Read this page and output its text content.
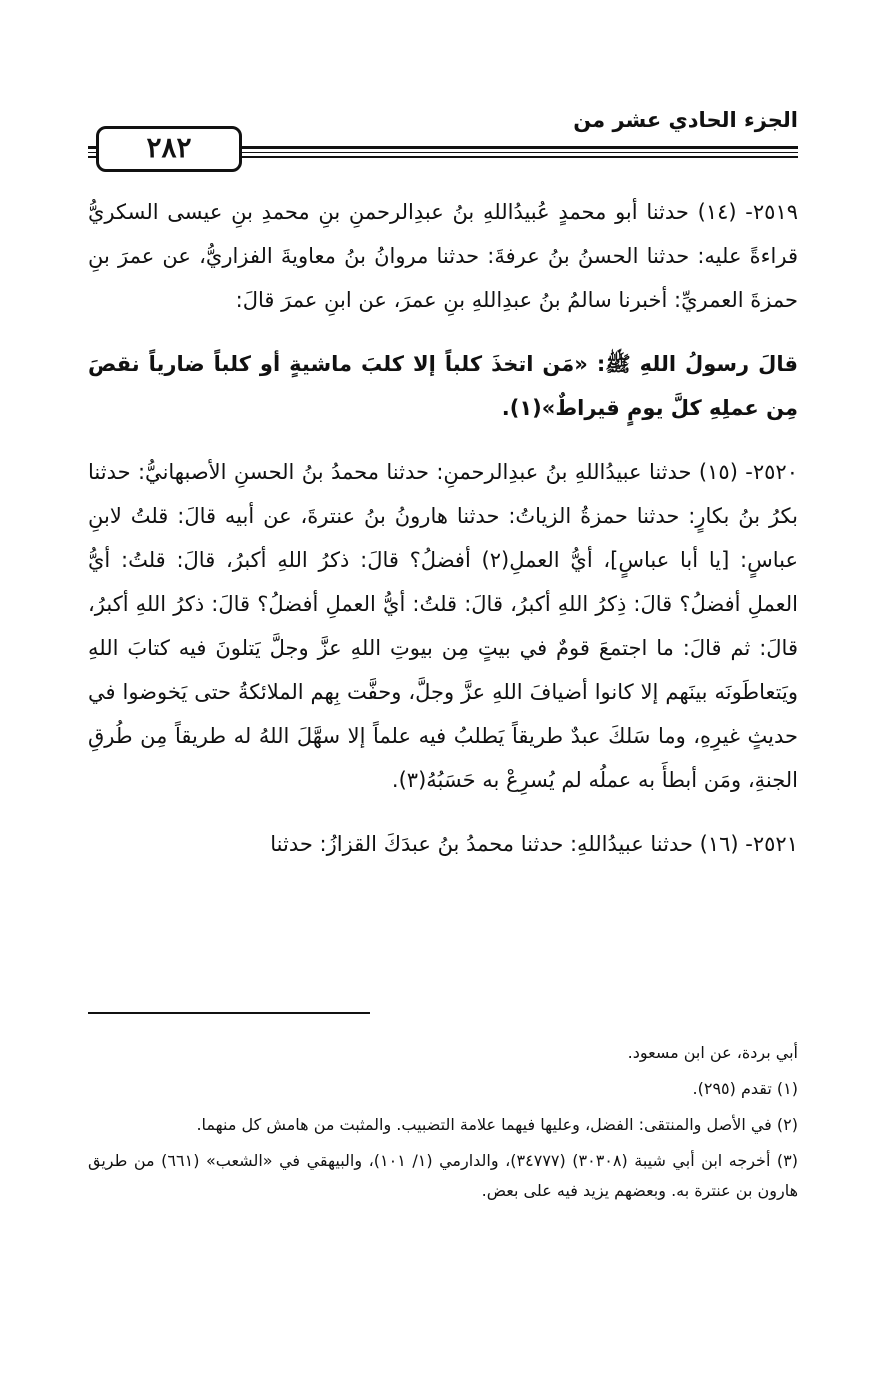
٢٨٢
الجزء الحادي عشر من

٢٥١٩- (١٤) حدثنا أبو محمدٍ عُبيدُاللهِ بنُ عبدِالرحمنِ بنِ محمدِ بنِ عيسى السكريُّ قراءةً عليه: حدثنا الحسنُ بنُ عرفةَ: حدثنا مروانُ بنُ معاويةَ الفزاريُّ، عن عمرَ بنِ حمزةَ العمريِّ: أخبرنا سالمُ بنُ عبدِاللهِ بنِ عمرَ، عن ابنِ عمرَ قالَ:

قالَ رسولُ اللهِ ﷺ: «مَن اتخذَ كلباً إلا كلبَ ماشيةٍ أو كلباً ضارياً نقصَ مِن عملِهِ كلَّ يومٍ قيراطٌ»(١).

٢٥٢٠- (١٥) حدثنا عبيدُاللهِ بنُ عبدِالرحمنِ: حدثنا محمدُ بنُ الحسنِ الأصبهانيُّ: حدثنا بكرُ بنُ بكارٍ: حدثنا حمزةُ الزياتُ: حدثنا هارونُ بنُ عنترةَ، عن أبيه قالَ: قلتُ لابنِ عباسٍ: [يا أبا عباسٍ]، أيُّ العملِ(٢) أفضلُ؟ قالَ: ذكرُ اللهِ أكبرُ، قالَ: قلتُ: أيُّ العملِ أفضلُ؟ قالَ: ذِكرُ اللهِ أكبرُ، قالَ: قلتُ: أيُّ العملِ أفضلُ؟ قالَ: ذكرُ اللهِ أكبرُ، قالَ: ثم قالَ: ما اجتمعَ قومٌ في بيتٍ مِن بيوتِ اللهِ عزَّ وجلَّ يَتلونَ فيه كتابَ اللهِ ويَتعاطَونَه بينَهم إلا كانوا أضيافَ اللهِ عزَّ وجلَّ، وحفَّت بِهم الملائكةُ حتى يَخوضوا في حديثٍ غيرِهِ، وما سَلكَ عبدٌ طريقاً يَطلبُ فيه علماً إلا سهَّلَ اللهُ له طريقاً مِن طُرقِ الجنةِ، ومَن أبطأَ به عملُه لم يُسرِعْ به حَسَبُهُ(٣).

٢٥٢١- (١٦) حدثنا عبيدُاللهِ: حدثنا محمدُ بنُ عبدَكَ القزازُ: حدثنا

أبي بردة، عن ابن مسعود.

(١) تقدم (٢٩٥).

(٢) في الأصل والمنتقى: الفضل، وعليها فيهما علامة التضبيب. والمثبت من هامش كل منهما.

(٣) أخرجه ابن أبي شيبة (٣٠٣٠٨) (٣٤٧٧٧)، والدارمي (١/ ١٠١)، والبيهقي في «الشعب» (٦٦١) من طريق هارون بن عنترة به. وبعضهم يزيد فيه على بعض.
